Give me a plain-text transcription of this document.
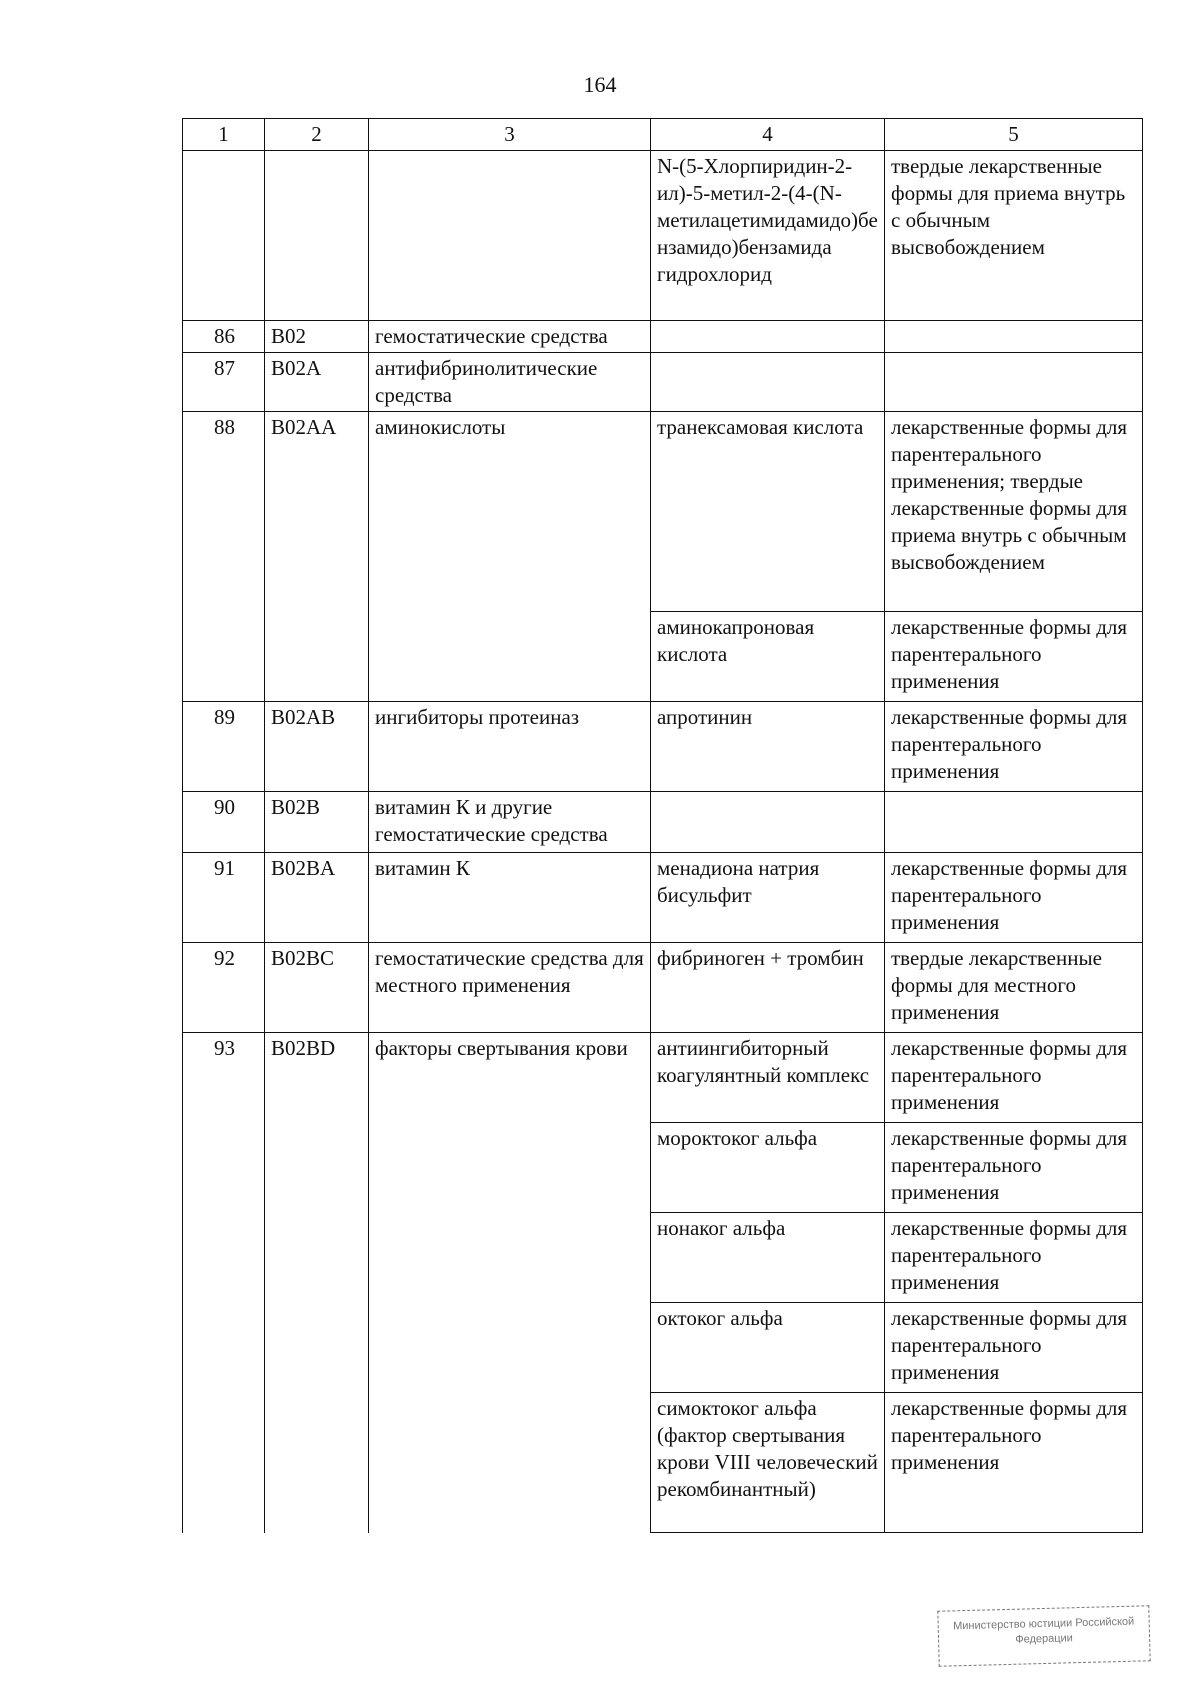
164
1	2	3	4	5
			N-(5-Хлорпиридин-2-ил)-5-метил-2-(4-(N-метилацетимидамидо)бензамидо)бензамида гидрохлорид	твердые лекарственные формы для приема внутрь с обычным высвобождением
86	B02	гемостатические средства		
87	B02A	антифибринолитические средства		
88	B02AA	аминокислоты	транексамовая кислота	лекарственные формы для парентерального применения; твердые лекарственные формы для приема внутрь с обычным высвобождением
			аминокапроновая кислота	лекарственные формы для парентерального применения
89	B02AB	ингибиторы протеиназ	апротинин	лекарственные формы для парентерального применения
90	B02B	витамин К и другие гемостатические средства		
91	B02BA	витамин К	менадиона натрия бисульфит	лекарственные формы для парентерального применения
92	B02BC	гемостатические средства для местного применения	фибриноген + тромбин	твердые лекарственные формы для местного применения
93	B02BD	факторы свертывания крови	антиингибиторный коагулянтный комплекс	лекарственные формы для парентерального применения
			мороктоког альфа	лекарственные формы для парентерального применения
			нонаког альфа	лекарственные формы для парентерального применения
			октоког альфа	лекарственные формы для парентерального применения
			симоктоког альфа (фактор свертывания крови VIII человеческий рекомбинантный)	лекарственные формы для парентерального применения
Министерство юстиции Российской Федерации
